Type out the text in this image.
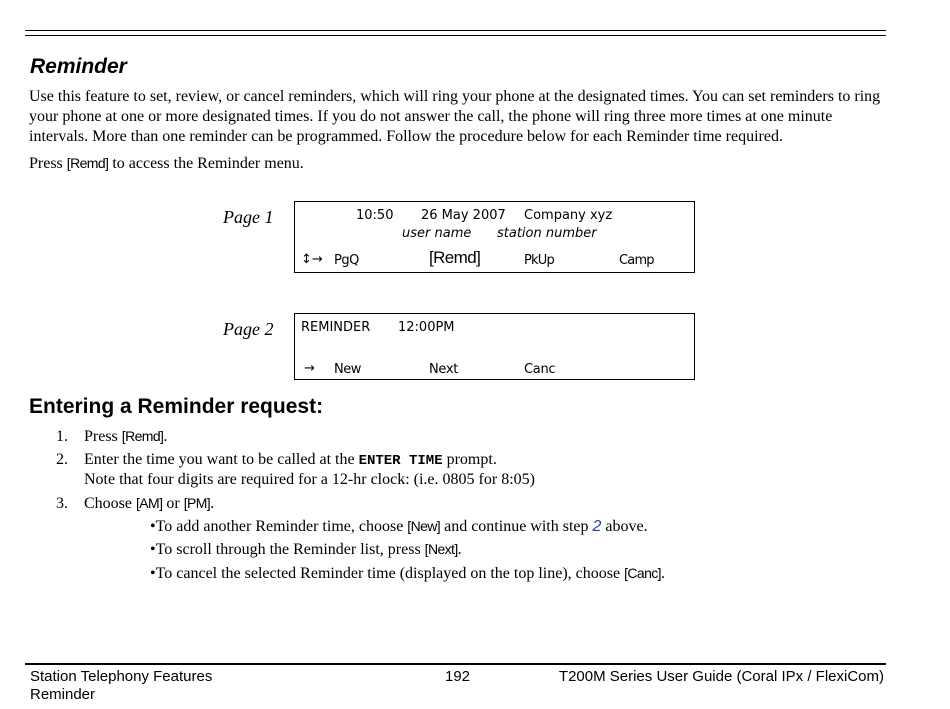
Reminder
Use this feature to set, review, or cancel reminders, which will ring your phone at the designated times. You can set reminders to ring your phone at one or more designated times. If you do not answer the call, the phone will ring three more times at one minute intervals. More than one reminder can be programmed. Follow the procedure below for each Reminder time required.
Press [Remd] to access the Reminder menu.
Page 1	10:50 26 May 2007 Company xyz
user name station number
↕→ PgQ	[Remd]	PkUp	Camp
Page 2 REMINDER 12:00PM
→ New	Next	Canc
Entering a Reminder request:
1. Press [Remd].
2. Enter the time you want to be called at the ENTER TIME prompt.
Note that four digits are required for a 12-hr clock: (i.e. 0805 for 8:05)
3. Choose [AM] or [PM].
•To add another Reminder time, choose [New] and continue with step 2 above.
•To scroll through the Reminder list, press [Next].
•To cancel the selected Reminder time (displayed on the top line), choose [Canc].
Station Telephony Features	192	T200M Series User Guide (Coral IPx / FlexiCom)
Reminder
